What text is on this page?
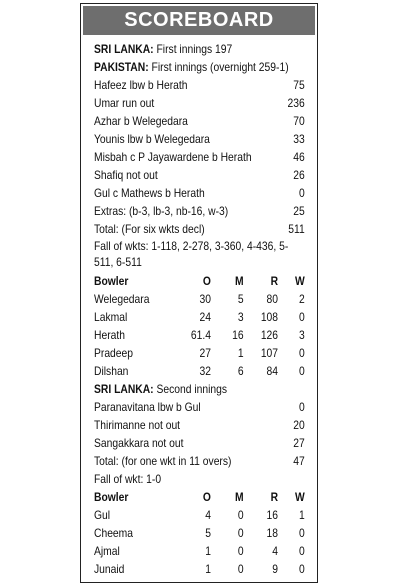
SCOREBOARD
SRI LANKA: First innings 197
PAKISTAN: First innings (overnight 259-1)
Hafeez lbw b Herath	75
Umar run out	236
Azhar b Welegedara	70
Younis lbw b Welegedara	33
Misbah c P Jayawardene b Herath	46
Shafiq not out	26
Gul c Mathews b Herath	0
Extras: (b-3, lb-3, nb-16, w-3)	25
Total: (For six wkts decl)	511
Fall of wkts: 1-118, 2-278, 3-360, 4-436, 5-511, 6-511
Bowler	O	M	R	W
Welegedara	30	5	80	2
Lakmal	24	3	108	0
Herath	61.4	16	126	3
Pradeep	27	1	107	0
Dilshan	32	6	84	0
SRI LANKA: Second innings
Paranavitana lbw b Gul	0
Thirimanne not out	20
Sangakkara not out	27
Total: (for one wkt in 11 overs)	47
Fall of wkt: 1-0
Bowler	O	M	R	W
Gul	4	0	16	1
Cheema	5	0	18	0
Ajmal	1	0	4	0
Junaid	1	0	9	0
